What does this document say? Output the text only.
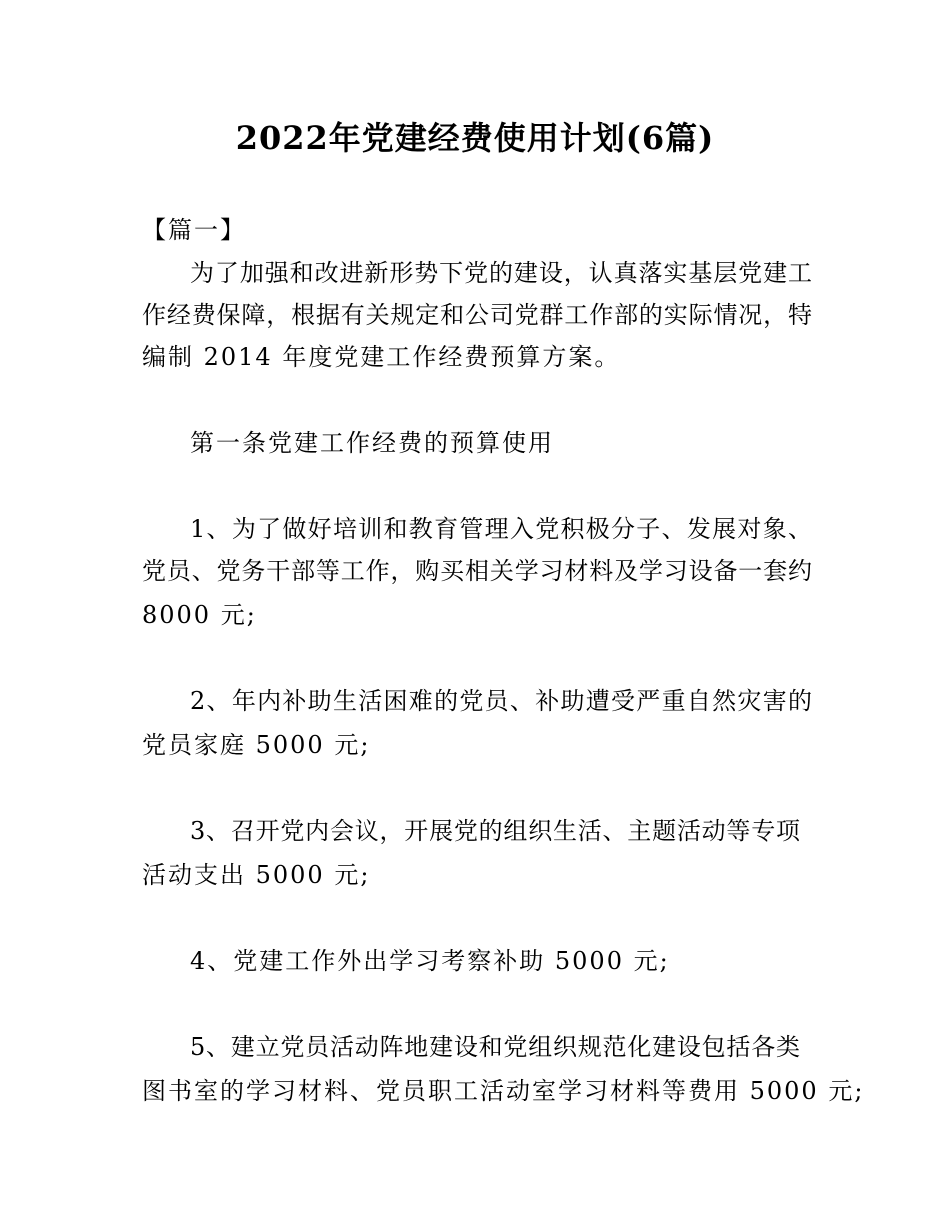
2022年党建经费使用计划(6篇)

【篇一】

为了加强和改进新形势下党的建设，认真落实基层党建工

作经费保障，根据有关规定和公司党群工作部的实际情况，特

编制 2014 年度党建工作经费预算方案。

第一条党建工作经费的预算使用

1、为了做好培训和教育管理入党积极分子、发展对象、

党员、党务干部等工作，购买相关学习材料及学习设备一套约

8000 元;

2、年内补助生活困难的党员、补助遭受严重自然灾害的

党员家庭 5000 元;

3、召开党内会议，开展党的组织生活、主题活动等专项

活动支出 5000 元;

4、党建工作外出学习考察补助 5000 元;

5、建立党员活动阵地建设和党组织规范化建设包括各类

图书室的学习材料、党员职工活动室学习材料等费用 5000 元;
